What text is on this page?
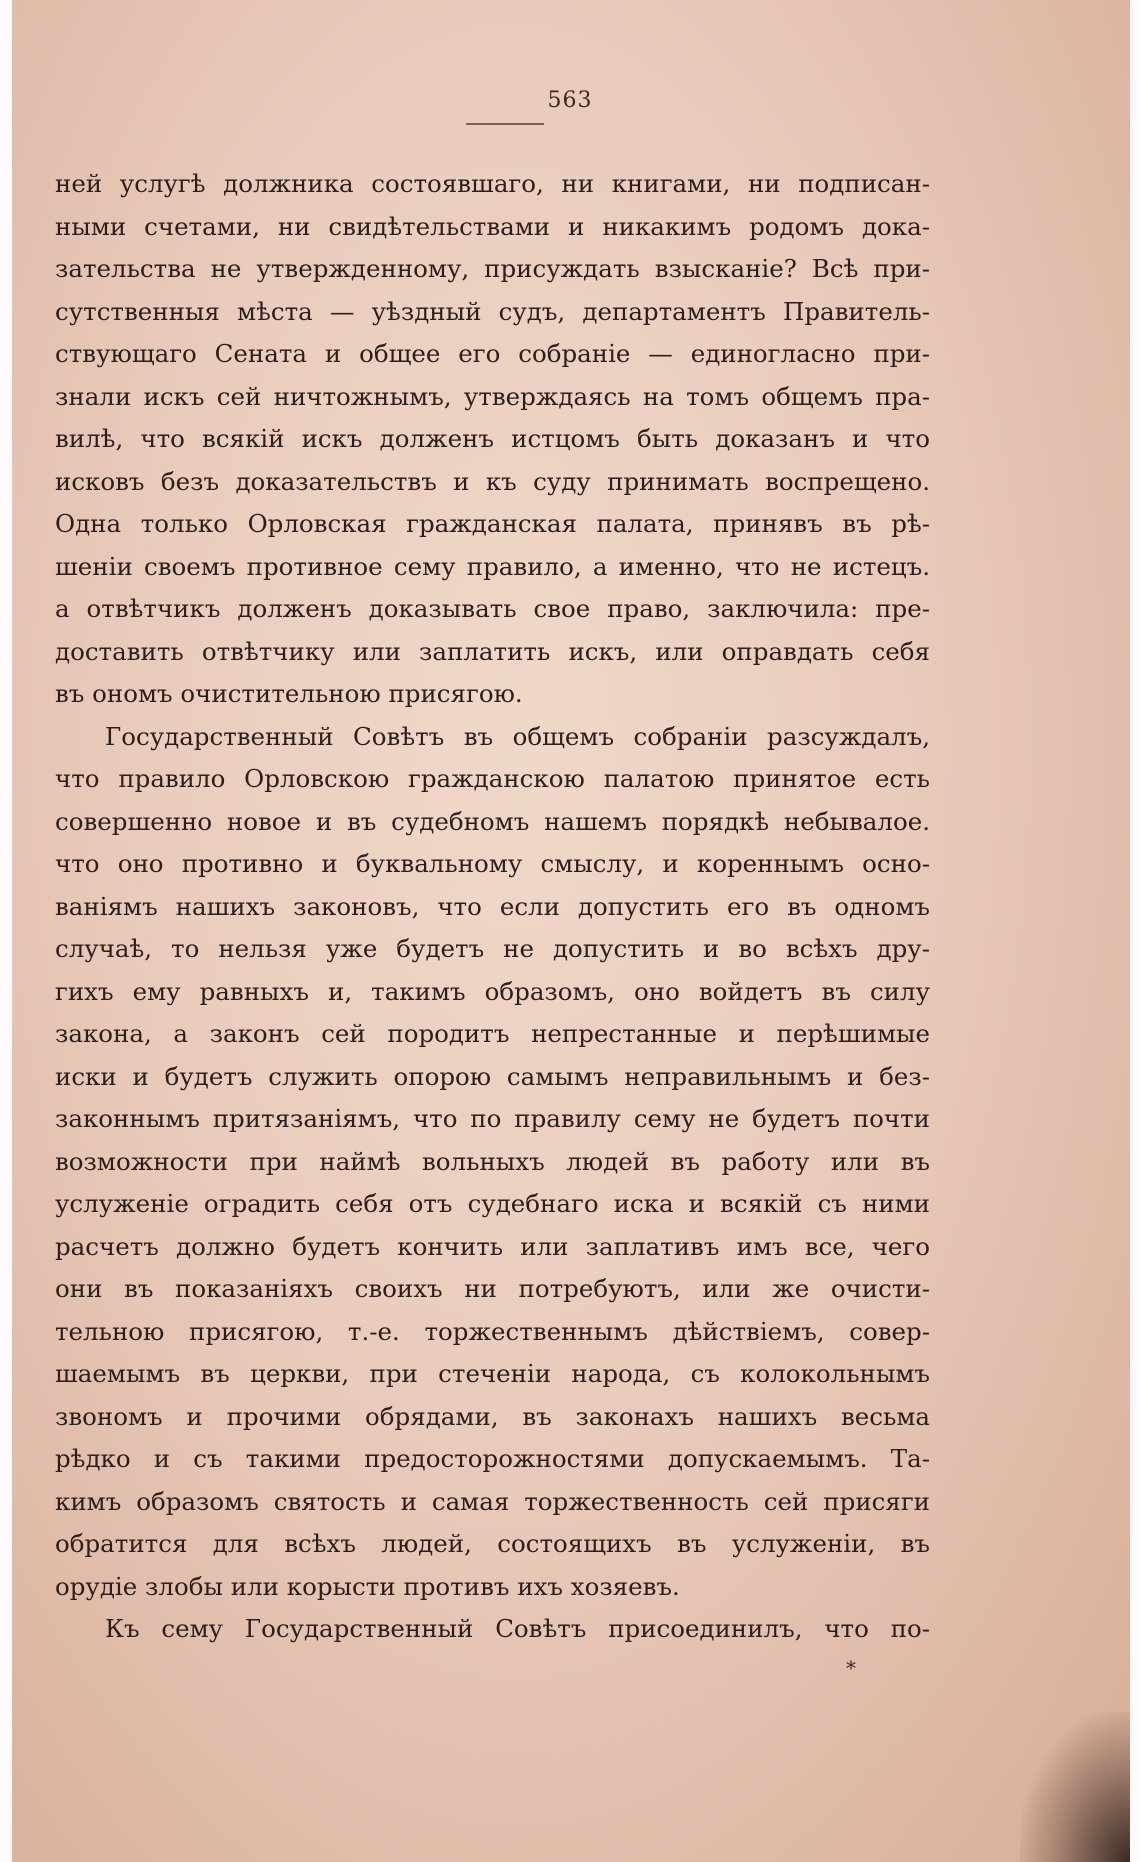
563
ней услугѣ должника состоявшаго, ни книгами, ни подписан-
ными счетами, ни свидѣтельствами и никакимъ родомъ дока-
зательства не утвержденному, присуждать взысканіе? Всѣ при-
сутственныя мѣста — уѣздный судъ, департаментъ Правитель-
ствующаго Сената и общее его собраніе — единогласно при-
знали искъ сей ничтожнымъ, утверждаясь на томъ общемъ пра-
вилѣ, что всякій искъ долженъ истцомъ быть доказанъ и что
исковъ безъ доказательствъ и къ суду принимать воспрещено.
Одна только Орловская гражданская палата, принявъ въ рѣ-
шеніи своемъ противное сему правило, а именно, что не истецъ.
а отвѣтчикъ долженъ доказывать свое право, заключила: пре-
доставить отвѣтчику или заплатить искъ, или оправдать себя
въ ономъ очистительною присягою.
Государственный Совѣтъ въ общемъ собраніи разсуждалъ,
что правило Орловскою гражданскою палатою принятое есть
совершенно новое и въ судебномъ нашемъ порядкѣ небывалое.
что оно противно и буквальному смыслу, и кореннымъ осно-
ваніямъ нашихъ законовъ, что если допустить его въ одномъ
случаѣ, то нельзя уже будетъ не допустить и во всѣхъ дру-
гихъ ему равныхъ и, такимъ образомъ, оно войдетъ въ силу
закона, а законъ сей породитъ непрестанные и перѣшимые
иски и будетъ служить опорою самымъ неправильнымъ и без-
законнымъ притязаніямъ, что по правилу сему не будетъ почти
возможности при наймѣ вольныхъ людей въ работу или въ
услуженіе оградить себя отъ судебнаго иска и всякій съ ними
расчетъ должно будетъ кончить или заплативъ имъ все, чего
они въ показаніяхъ своихъ ни потребуютъ, или же очисти-
тельною присягою, т.-е. торжественнымъ дѣйствіемъ, совер-
шаемымъ въ церкви, при стеченіи народа, съ колокольнымъ
звономъ и прочими обрядами, въ законахъ нашихъ весьма
рѣдко и съ такими предосторожностями допускаемымъ. Та-
кимъ образомъ святость и самая торжественность сей присяги
обратится для всѣхъ людей, состоящихъ въ услуженіи, въ
орудіе злобы или корысти противъ ихъ хозяевъ.
Къ сему Государственный Совѣтъ присоединилъ, что по-
*
